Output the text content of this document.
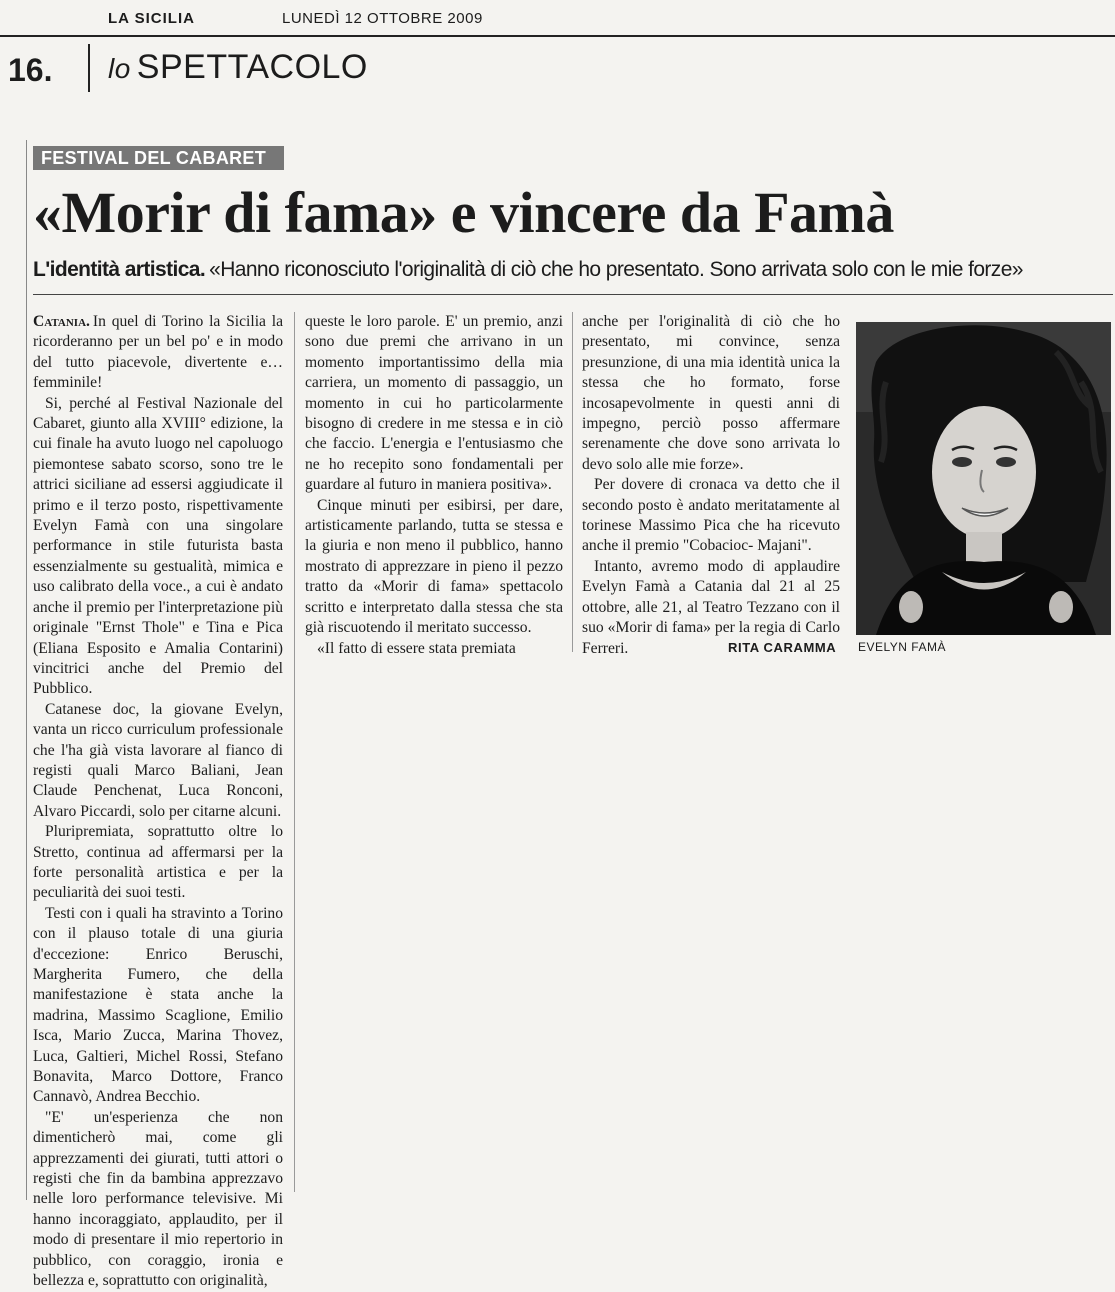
LA SICILIA	LUNEDÌ 12 OTTOBRE 2009
16. lo SPETTACOLO
FESTIVAL DEL CABARET
«Morir di fama» e vincere da Famà
L'identità artistica. «Hanno riconosciuto l'originalità di ciò che ho presentato. Sono arrivata solo con le mie forze»

Catania. In quel di Torino la Sicilia la ricorderanno per un bel po' e in modo del tutto piacevole, divertente e…femminile!

Si, perché al Festival Nazionale del Cabaret, giunto alla XVIII° edizione, la cui finale ha avuto luogo nel capoluogo piemontese sabato scorso, sono tre le attrici siciliane ad essersi aggiudicate il primo e il terzo posto, rispettivamente Evelyn Famà con una singolare performance in stile futurista basta essenzialmente su gestualità, mimica e uso calibrato della voce., a cui è andato anche il premio per l'interpretazione più originale "Ernst Thole" e Tina e Pica (Eliana Esposito e Amalia Contarini) vincitrici anche del Premio del Pubblico.

Catanese doc, la giovane Evelyn, vanta un ricco curriculum professionale che l'ha già vista lavorare al fianco di registi quali Marco Baliani, Jean Claude Penchenat, Luca Ronconi, Alvaro Piccardi, solo per citarne alcuni.

Pluripremiata, soprattutto oltre lo Stretto, continua ad affermarsi per la forte personalità artistica e per la peculiarità dei suoi testi.

Testi con i quali ha stravinto a Torino con il plauso totale di una giuria d'eccezione: Enrico Beruschi, Margherita Fumero, che della manifestazione è stata anche la madrina, Massimo Scaglione, Emilio Isca, Mario Zucca, Marina Thovez, Luca, Galtieri, Michel Rossi, Stefano Bonavita, Marco Dottore, Franco Cannavò, Andrea Becchio.

"E' un'esperienza che non dimenticherò mai, come gli apprezzamenti dei giurati, tutti attori o registi che fin da bambina apprezzavo nelle loro performance televisive. Mi hanno incoraggiato, applaudito, per il modo di presentare il mio repertorio in pubblico, con coraggio, ironia e bellezza e, soprattutto con originalità,

queste le loro parole. E' un premio, anzi sono due premi che arrivano in un momento importantissimo della mia carriera, un momento di passaggio, un momento in cui ho particolarmente bisogno di credere in me stessa e in ciò che faccio. L'energia e l'entusiasmo che ne ho recepito sono fondamentali per guardare al futuro in maniera positiva».

Cinque minuti per esibirsi, per dare, artisticamente parlando, tutta se stessa e la giuria e non meno il pubblico, hanno mostrato di apprezzare in pieno il pezzo tratto da «Morir di fama» spettacolo scritto e interpretato dalla stessa che sta già riscuotendo il meritato successo.

«Il fatto di essere stata premiata

anche per l'originalità di ciò che ho presentato, mi convince, senza presunzione, di una mia identità unica la stessa che ho formato, forse incosapevolmente in questi anni di impegno, perciò posso affermare serenamente che dove sono arrivata lo devo solo alle mie forze».

Per dovere di cronaca va detto che il secondo posto è andato meritatamente al torinese Massimo Pica che ha ricevuto anche il premio "Cobacioc- Majani".

Intanto, avremo modo di applaudire Evelyn Famà a Catania dal 21 al 25 ottobre, alle 21, al Teatro Tezzano con il suo «Morir di fama» per la regia di Carlo Ferreri.	RITA CARAMMA EVELYN FAMÀ
